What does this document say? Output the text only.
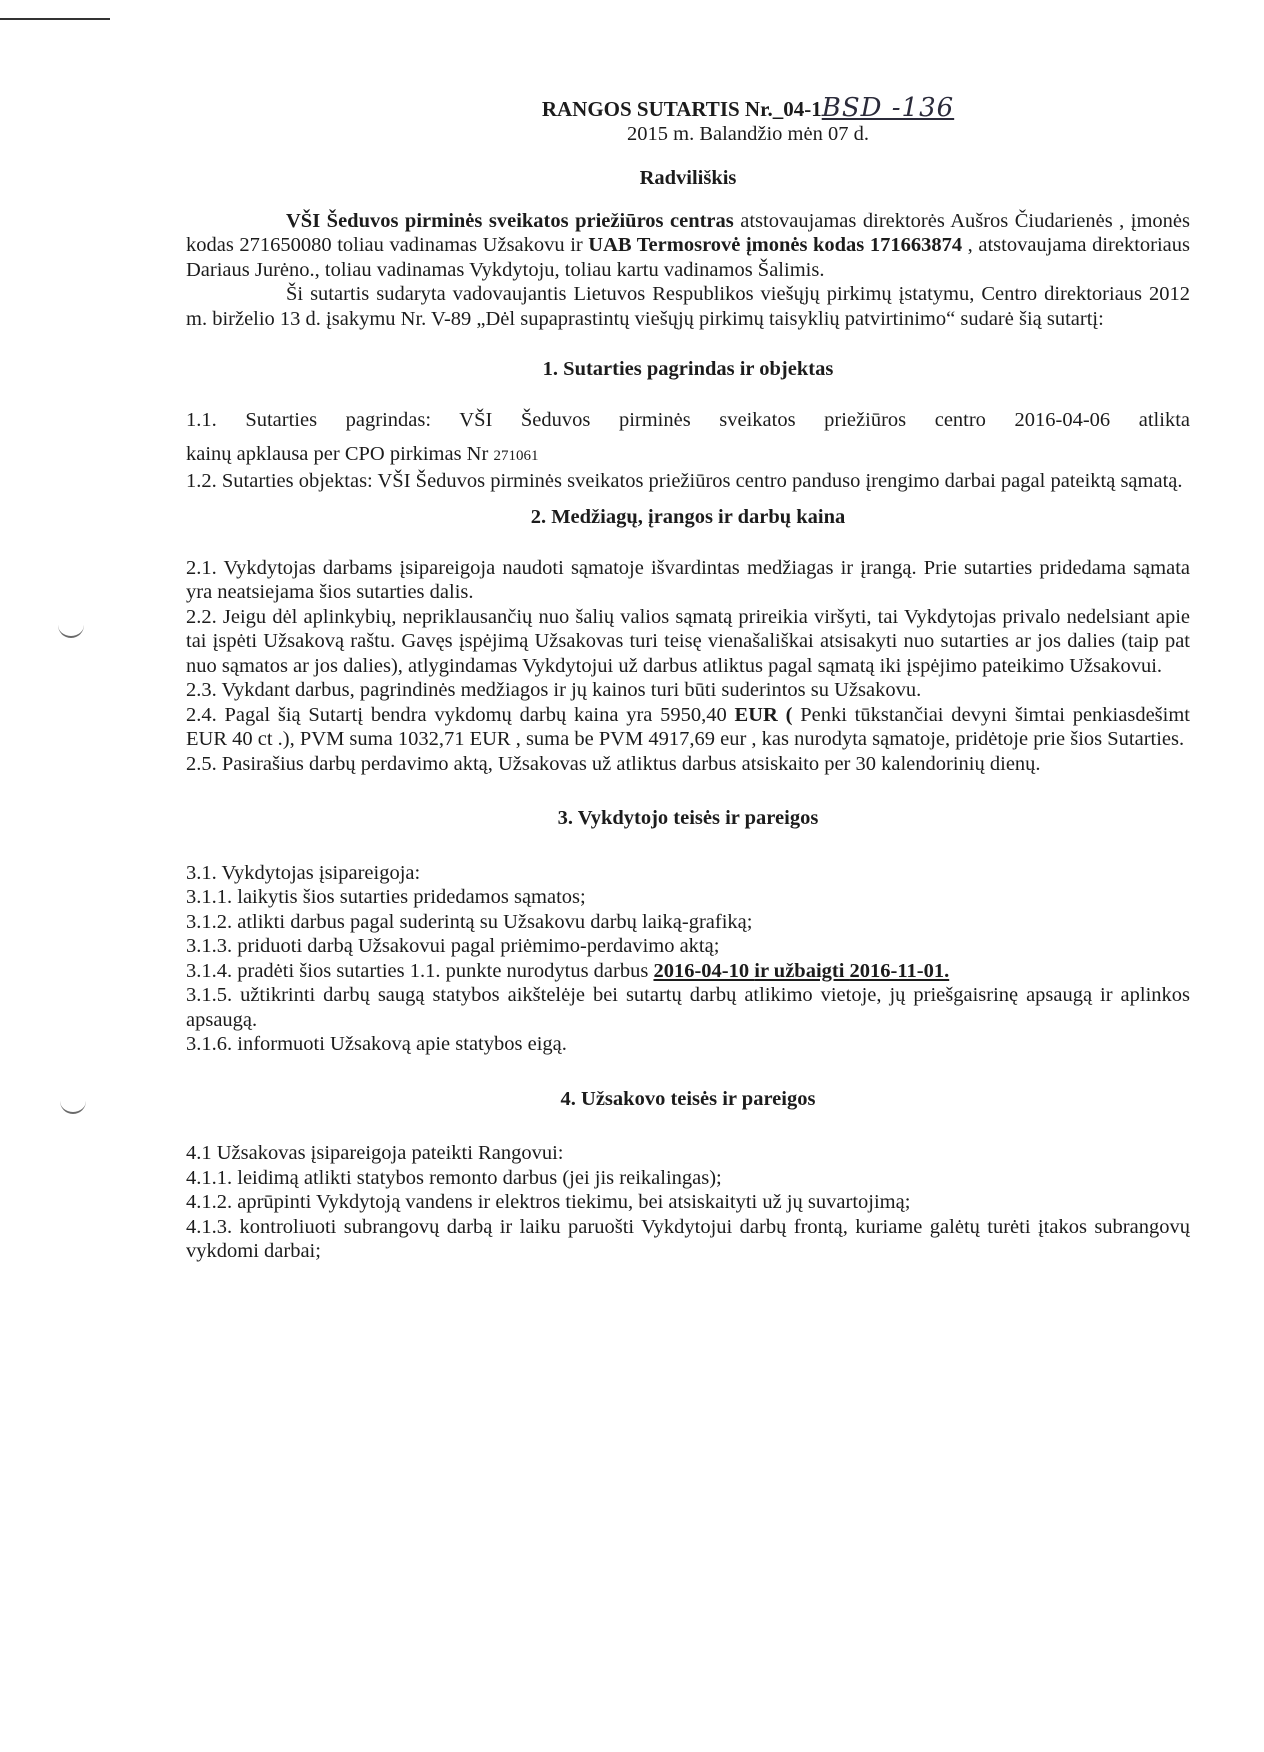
RANGOS SUTARTIS Nr._04-1BSD -136
2015 m. Balandžio mėn 07 d.
Radviliškis

VŠI Šeduvos pirminės sveikatos priežiūros centras atstovaujamas direktorės Aušros Čiudarienės , įmonės kodas 271650080 toliau vadinamas Užsakovu ir UAB Termosrovė įmonės kodas 171663874 , atstovaujama direktoriaus Dariaus Jurėno., toliau vadinamas Vykdytoju, toliau kartu vadinamos Šalimis.

Ši sutartis sudaryta vadovaujantis Lietuvos Respublikos viešųjų pirkimų įstatymu, Centro direktoriaus 2012 m. birželio 13 d. įsakymu Nr. V-89 „Dėl supaprastintų viešųjų pirkimų taisyklių patvirtinimo“ sudarė šią sutartį:

1. Sutarties pagrindas ir objektas

1.1. Sutarties pagrindas: VŠI Šeduvos pirminės sveikatos priežiūros centro 2016-04-06 atlikta

kainų apklausa per CPO pirkimas Nr 271061

1.2. Sutarties objektas: VŠI Šeduvos pirminės sveikatos priežiūros centro panduso įrengimo darbai pagal pateiktą sąmatą.

2. Medžiagų, įrangos ir darbų kaina

2.1. Vykdytojas darbams įsipareigoja naudoti sąmatoje išvardintas medžiagas ir įrangą. Prie sutarties pridedama sąmata yra neatsiejama šios sutarties dalis.

2.2. Jeigu dėl aplinkybių, nepriklausančių nuo šalių valios sąmatą prireikia viršyti, tai Vykdytojas privalo nedelsiant apie tai įspėti Užsakovą raštu. Gavęs įspėjimą Užsakovas turi teisę vienašališkai atsisakyti nuo sutarties ar jos dalies (taip pat nuo sąmatos ar jos dalies), atlygindamas Vykdytojui už darbus atliktus pagal sąmatą iki įspėjimo pateikimo Užsakovui.

2.3. Vykdant darbus, pagrindinės medžiagos ir jų kainos turi būti suderintos su Užsakovu.

2.4. Pagal šią Sutartį bendra vykdomų darbų kaina yra 5950,40 EUR ( Penki tūkstančiai devyni šimtai penkiasdešimt EUR 40 ct .), PVM suma 1032,71 EUR , suma be PVM 4917,69 eur , kas nurodyta sąmatoje, pridėtoje prie šios Sutarties.

2.5. Pasirašius darbų perdavimo aktą, Užsakovas už atliktus darbus atsiskaito per 30 kalendorinių dienų.

3. Vykdytojo teisės ir pareigos

3.1. Vykdytojas įsipareigoja:

3.1.1. laikytis šios sutarties pridedamos sąmatos;

3.1.2. atlikti darbus pagal suderintą su Užsakovu darbų laiką-grafiką;

3.1.3. priduoti darbą Užsakovui pagal priėmimo-perdavimo aktą;

3.1.4. pradėti šios sutarties 1.1. punkte nurodytus darbus 2016-04-10 ir užbaigti 2016-11-01.

3.1.5. užtikrinti darbų saugą statybos aikštelėje bei sutartų darbų atlikimo vietoje, jų priešgaisrinę apsaugą ir aplinkos apsaugą.

3.1.6. informuoti Užsakovą apie statybos eigą.

4. Užsakovo teisės ir pareigos

4.1 Užsakovas įsipareigoja pateikti Rangovui:

4.1.1. leidimą atlikti statybos remonto darbus (jei jis reikalingas);

4.1.2. aprūpinti Vykdytoją vandens ir elektros tiekimu, bei atsiskaityti už jų suvartojimą;

4.1.3. kontroliuoti subrangovų darbą ir laiku paruošti Vykdytojui darbų frontą, kuriame galėtų turėti įtakos subrangovų vykdomi darbai;
